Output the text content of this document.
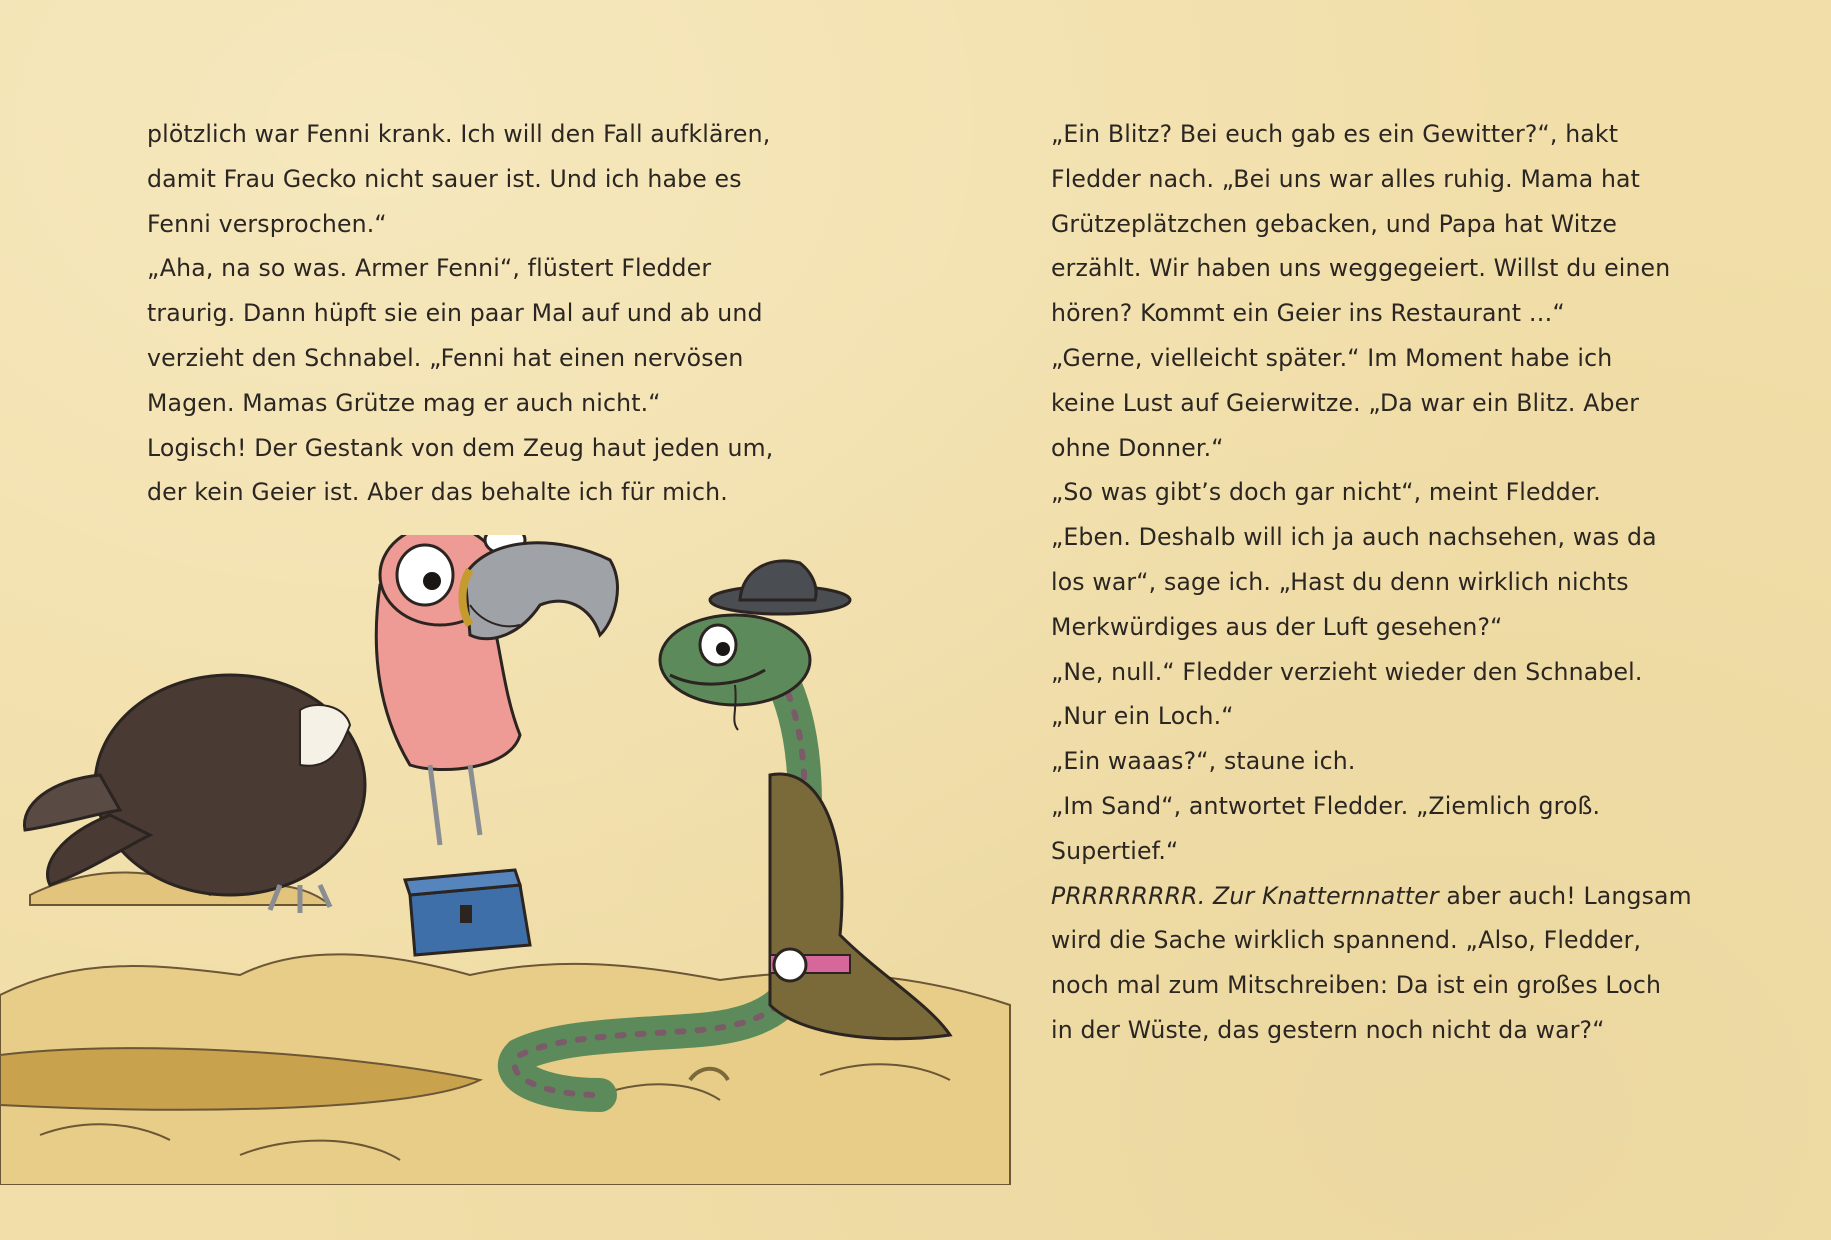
plötzlich war Fenni krank. Ich will den Fall aufklären,
damit Frau Gecko nicht sauer ist. Und ich habe es
Fenni versprochen.“
„Aha, na so was. Armer Fenni“, flüstert Fledder
traurig. Dann hüpft sie ein paar Mal auf und ab und
verzieht den Schnabel. „Fenni hat einen nervösen
Magen. Mamas Grütze mag er auch nicht.“
Logisch! Der Gestank von dem Zeug haut jeden um,
der kein Geier ist. Aber das behalte ich für mich.
„Ein Blitz? Bei euch gab es ein Gewitter?“, hakt
Fledder nach. „Bei uns war alles ruhig. Mama hat
Grützeplätzchen gebacken, und Papa hat Witze
erzählt. Wir haben uns weggegeiert. Willst du einen
hören? Kommt ein Geier ins Restaurant …“
„Gerne, vielleicht später.“ Im Moment habe ich
keine Lust auf Geierwitze. „Da war ein Blitz. Aber
ohne Donner.“
„So was gibt’s doch gar nicht“, meint Fledder.
„Eben. Deshalb will ich ja auch nachsehen, was da
los war“, sage ich. „Hast du denn wirklich nichts
Merkwürdiges aus der Luft gesehen?“
„Ne, null.“ Fledder verzieht wieder den Schnabel.
„Nur ein Loch.“
„Ein waaas?“, staune ich.
„Im Sand“, antwortet Fledder. „Ziemlich groß.
Supertief.“
PRRRRRRRR. Zur Knatternnatter aber auch! Langsam
wird die Sache wirklich spannend. „Also, Fledder,
noch mal zum Mitschreiben: Da ist ein großes Loch
in der Wüste, das gestern noch nicht da war?“
